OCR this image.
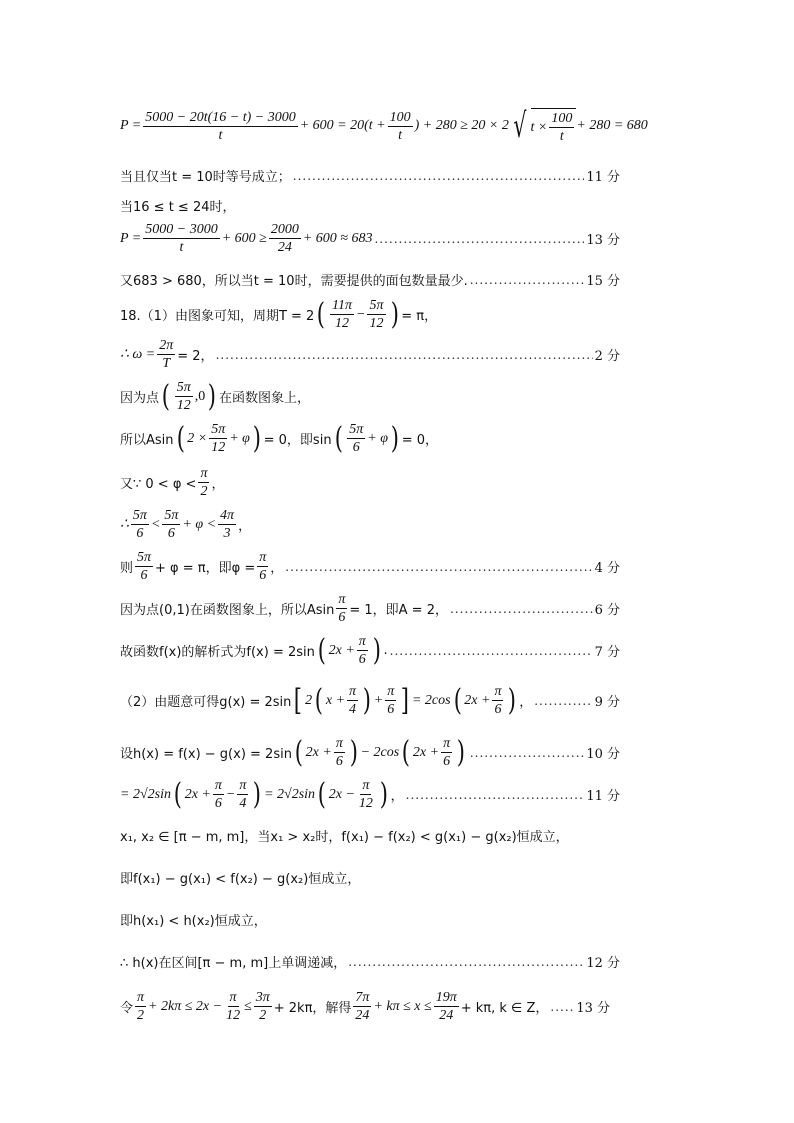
$P = \frac{5000 - 20t(16 - t) - 3000}{t} + 600 = 20(t + \frac{100}{t}$ ) + 280 ≥ 20 × 2 √ $t \times \frac{100}{t} + 280 = 680$
当且仅当t = 10时等号成立； .....	11 分
当16 ≤ t ≤ 24时，
$P = \frac{5000 - 3000}{t} + 600 \ge \frac{2000}{24} + 600 \approx 683$ .....	13 分
又683 > 680，所以当t = 10时，需要提供的面包数量最少. .....	15 分
18.（1）由图象可知，周期T = 2 ( $\frac{11\pi}{12} - \frac{5\pi}{12}$ ) = π，
∴ $\omega = \frac{2\pi}{T} = 2$， .....	2 分
因为点 ( $\frac{5\pi}{12} ,0$ ) 在函数图象上，
所以Asin ( $2 \times \frac{5\pi}{12} + \varphi$ ) = 0，即sin ( $\frac{5\pi}{6} + \varphi$ ) = 0，
又∵ $0 < \varphi < \frac{\pi}{2}$ ，
∴ $\frac{5\pi}{6} < \frac{5\pi}{6} + \varphi < \frac{4\pi}{3}$ ，
则 $\frac{5\pi}{6} + \varphi = \pi$，即$\varphi = \frac{\pi}{6}$ ， .....	4 分
因为点(0,1)在函数图象上，所以Asin $\frac{\pi}{6} = 1$，即A = 2， .....	6 分
故函数f(x)的解析式为f(x) = 2sin ( $2x + \frac{\pi}{6}$ ) . .....	7 分
（2）由题意可得g(x) = 2sin [ 2 ( $x + \frac{\pi}{4}$ ) + $\frac{\pi}{6}$ ] = 2cos ( $2x + \frac{\pi}{6}$ ) ， .....	9 分
设h(x) = f(x) − g(x) = 2sin ( $2x + \frac{\pi}{6}$ ) − 2cos ( $2x + \frac{\pi}{6}$ ) .....	10 分
= 2√2sin ( $2x + \frac{\pi}{6} - \frac{\pi}{4}$ ) = 2√2sin ( $2x - \frac{\pi}{12}$ ) ， .....	11 分
x₁, x₂ ∈ [π − m, m]，当x₁ > x₂时，f(x₁) − f(x₂) < g(x₁) − g(x₂)恒成立，
即f(x₁) − g(x₁) < f(x₂) − g(x₂)恒成立，
即h(x₁) < h(x₂)恒成立，
∴ h(x)在区间[π − m, m]上单调递减， .....	12 分
令 $\frac{\pi}{2} + 2k\pi \le 2x - \frac{\pi}{12} \le \frac{3\pi}{2} + 2k\pi$，解得 $\frac{7\pi}{24} + k\pi \le x \le \frac{19\pi}{24} + k\pi$, k ∈ Z， ..... 13 分
